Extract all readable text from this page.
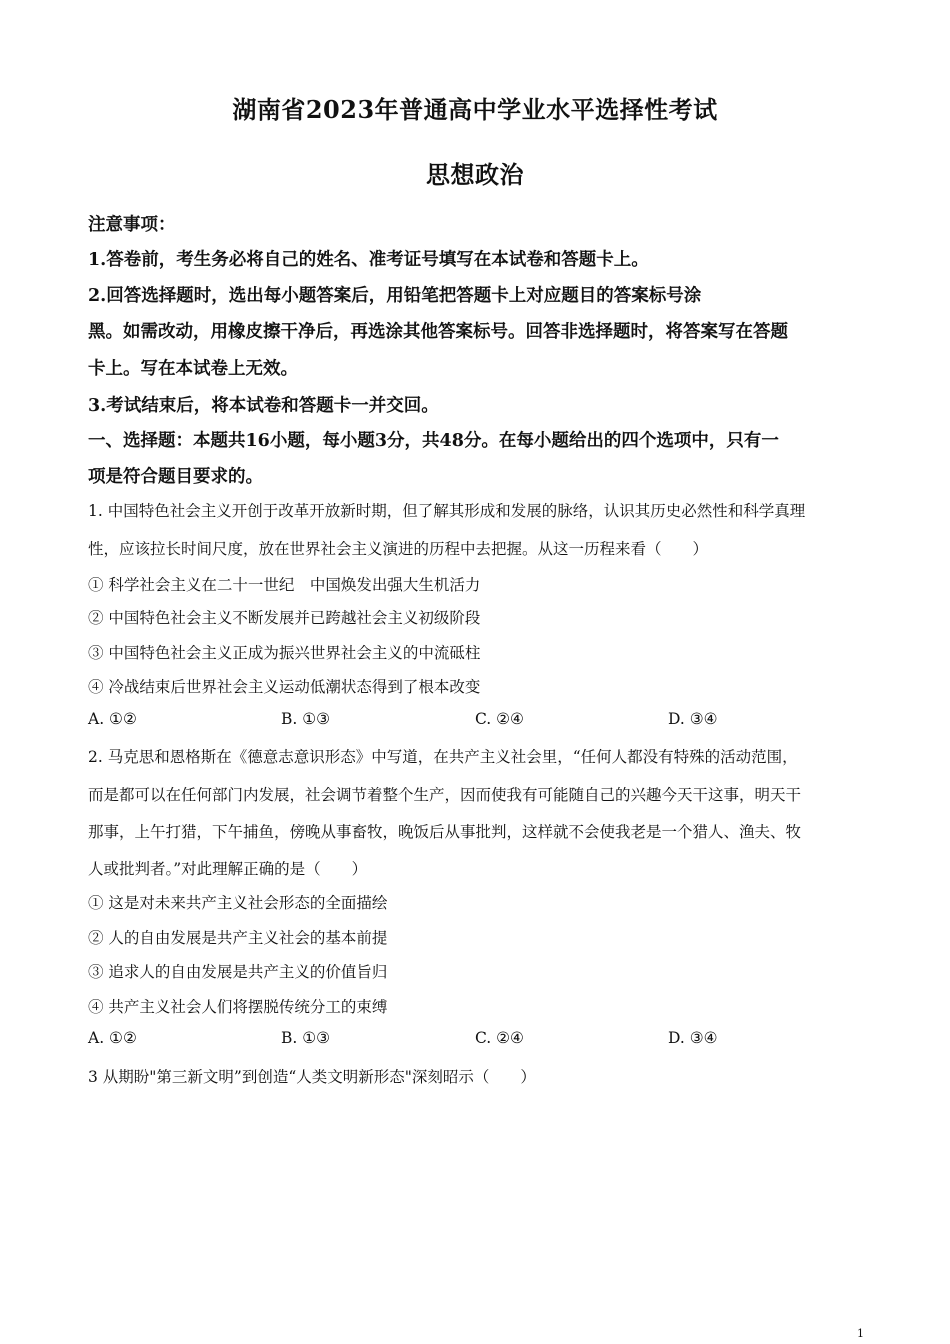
湖南省2023年普通高中学业水平选择性考试
思想政治
注意事项：
1.答卷前，考生务必将自己的姓名、准考证号填写在本试卷和答题卡上。
2.回答选择题时，选出每小题答案后，用铅笔把答题卡上对应题目的答案标号涂
黑。如需改动，用橡皮擦干净后，再选涂其他答案标号。回答非选择题时，将答案写在答题
卡上。写在本试卷上无效。
3.考试结束后，将本试卷和答题卡一并交回。
一、选择题：本题共16小题，每小题3分，共48分。在每小题给出的四个选项中，只有一
项是符合题目要求的。
1. 中国特色社会主义开创于改革开放新时期，但了解其形成和发展的脉络，认识其历史必然性和科学真理
性，应该拉长时间尺度，放在世界社会主义演进的历程中去把握。从这一历程来看（　　）
① 科学社会主义在二十一世纪　中国焕发出强大生机活力
② 中国特色社会主义不断发展并已跨越社会主义初级阶段
③ 中国特色社会主义正成为振兴世界社会主义的中流砥柱
④ 冷战结束后世界社会主义运动低潮状态得到了根本改变
A. ①②	B. ①③	C. ②④	D. ③④
2. 马克思和恩格斯在《德意志意识形态》中写道，在共产主义社会里，“任何人都没有特殊的活动范围，
而是都可以在任何部门内发展，社会调节着整个生产，因而使我有可能随自己的兴趣今天干这事，明天干
那事，上午打猎，下午捕鱼，傍晚从事畜牧，晚饭后从事批判，这样就不会使我老是一个猎人、渔夫、牧
人或批判者。”对此理解正确的是（　　）
① 这是对未来共产主义社会形态的全面描绘
② 人的自由发展是共产主义社会的基本前提
③ 追求人的自由发展是共产主义的价值旨归
④ 共产主义社会人们将摆脱传统分工的束缚
A. ①②	B. ①③	C. ②④	D. ③④
3 从期盼"第三新文明”到创造“人类文明新形态"深刻昭示（　　）
1
